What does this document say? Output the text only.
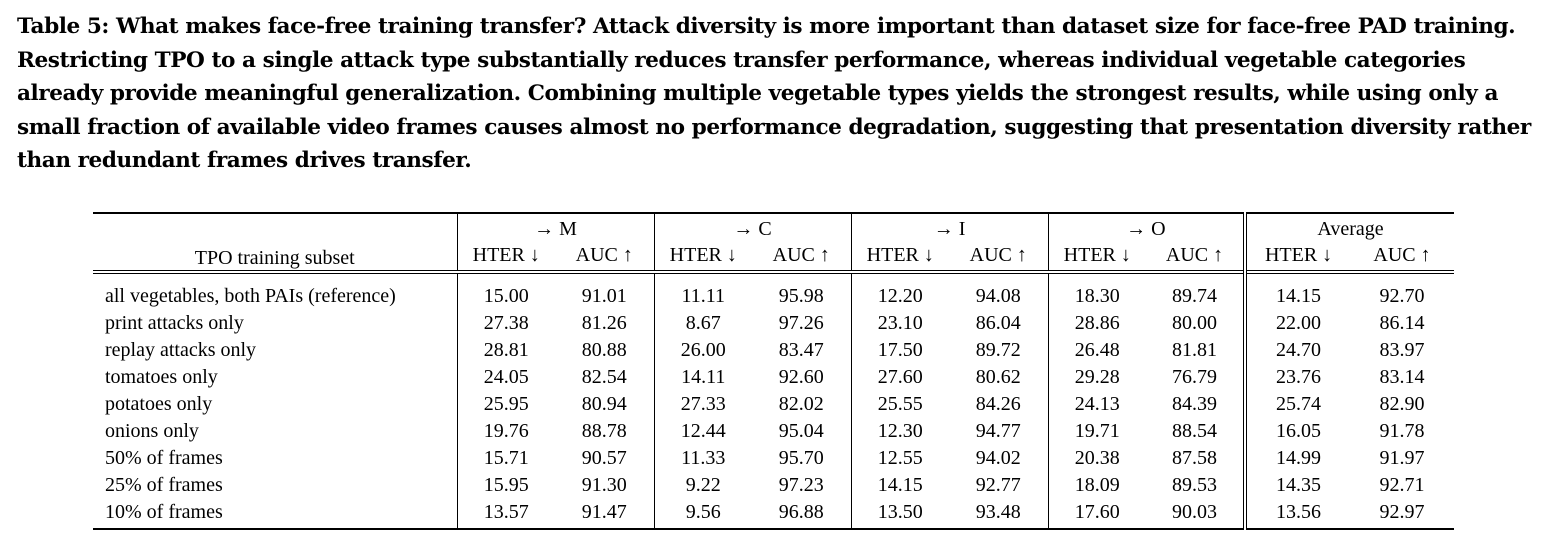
Table 5: What makes face-free training transfer? Attack diversity is more important than dataset size for face-free PAD training. Restricting TPO to a single attack type substantially reduces transfer performance, whereas individual vegetable categories already provide meaningful generalization. Combining multiple vegetable types yields the strongest results, while using only a small fraction of available video frames causes almost no performance degradation, suggesting that presentation diversity rather than redundant frames drives transfer.

TPO training subset	→ M		→ C		→ I		→ O		Average	
	HTER ↓	AUC ↑	HTER ↓	AUC ↑	HTER ↓	AUC ↑	HTER ↓	AUC ↑	HTER ↓	AUC ↑

all vegetables, both PAIs (reference)	15.00	91.01	11.11	95.98	12.20	94.08	18.30	89.74	14.15	92.70
print attacks only	27.38	81.26	8.67	97.26	23.10	86.04	28.86	80.00	22.00	86.14
replay attacks only	28.81	80.88	26.00	83.47	17.50	89.72	26.48	81.81	24.70	83.97
tomatoes only	24.05	82.54	14.11	92.60	27.60	80.62	29.28	76.79	23.76	83.14
potatoes only	25.95	80.94	27.33	82.02	25.55	84.26	24.13	84.39	25.74	82.90
onions only	19.76	88.78	12.44	95.04	12.30	94.77	19.71	88.54	16.05	91.78
50% of frames	15.71	90.57	11.33	95.70	12.55	94.02	20.38	87.58	14.99	91.97
25% of frames	15.95	91.30	9.22	97.23	14.15	92.77	18.09	89.53	14.35	92.71
10% of frames	13.57	91.47	9.56	96.88	13.50	93.48	17.60	90.03	13.56	92.97
